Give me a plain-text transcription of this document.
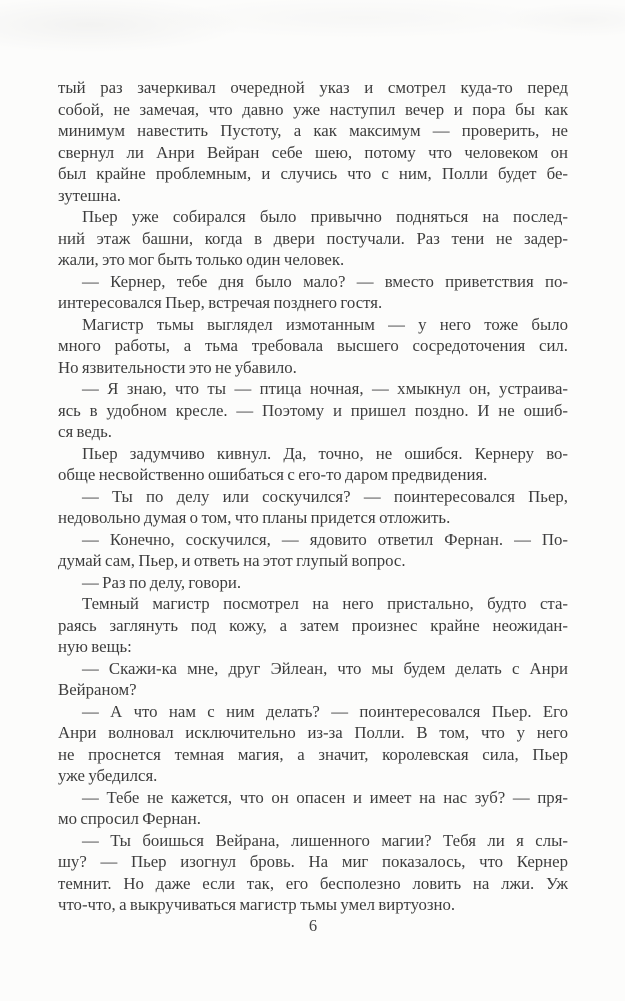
тый раз зачеркивал очередной указ и смотрел куда-то перед
собой, не замечая, что давно уже наступил вечер и пора бы как
минимум навестить Пустоту, а как максимум — проверить, не
свернул ли Анри Вейран себе шею, потому что человеком он
был крайне проблемным, и случись что с ним, Полли будет бе-
зутешна.

Пьер уже собирался было привычно подняться на послед-
ний этаж башни, когда в двери постучали. Раз тени не задер-
жали, это мог быть только один человек.

— Кернер, тебе дня было мало? — вместо приветствия по-
интересовался Пьер, встречая позднего гостя.

Магистр тьмы выглядел измотанным — у него тоже было
много работы, а тьма требовала высшего сосредоточения сил.
Но язвительности это не убавило.

— Я знаю, что ты — птица ночная, — хмыкнул он, устраива-
ясь в удобном кресле. — Поэтому и пришел поздно. И не ошиб-
ся ведь.

Пьер задумчиво кивнул. Да, точно, не ошибся. Кернеру во-
обще несвойственно ошибаться с его-то даром предвидения.

— Ты по делу или соскучился? — поинтересовался Пьер,
недовольно думая о том, что планы придется отложить.

— Конечно, соскучился, — ядовито ответил Фернан. — По-
думай сам, Пьер, и ответь на этот глупый вопрос.

— Раз по делу, говори.

Темный магистр посмотрел на него пристально, будто ста-
раясь заглянуть под кожу, а затем произнес крайне неожидан-
ную вещь:

— Скажи-ка мне, друг Эйлеан, что мы будем делать с Анри
Вейраном?

— А что нам с ним делать? — поинтересовался Пьер. Его
Анри волновал исключительно из-за Полли. В том, что у него
не проснется темная магия, а значит, королевская сила, Пьер
уже убедился.

— Тебе не кажется, что он опасен и имеет на нас зуб? — пря-
мо спросил Фернан.

— Ты боишься Вейрана, лишенного магии? Тебя ли я слы-
шу? — Пьер изогнул бровь. На миг показалось, что Кернер
темнит. Но даже если так, его бесполезно ловить на лжи. Уж
что-что, а выкручиваться магистр тьмы умел виртуозно.

6
